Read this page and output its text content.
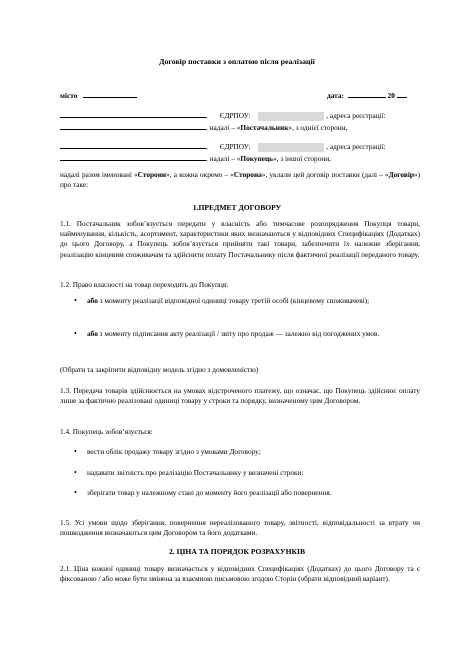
Договір поставки з оплатою після реалізації
місто	дата:	20
, ЄДРПОУ:	, адреса реєстрації:
, надалі – «Постачальник», з однієї сторони,
, ЄДРПОУ:	, адреса реєстрації:
, надалі – «Покупець», з іншої сторони,
надалі разом іменовані «Сторони», а кожна окремо – «Сторона», уклали цей договір поставки (далі – «Договір») про таке:
1.ПРЕДМЕТ ДОГОВОРУ
1.1. Постачальник зобов’язується передати у власність або тимчасове розпорядження Покупця товари, найменування, кількість, асортимент, характеристики яких визначаються у відповідних Специфікаціях (Додатках) до цього Договору, а Покупець зобов’язується прийняти такі товари, забезпечити їх належне зберігання, реалізацію кінцевим споживачам та здійснити оплату Постачальнику після фактичної реалізації переданого товару.
1.2. Право власності на товар переходить до Покупця:
• або з моменту реалізації відповідної одиниці товару третій особі (кінцевому споживачеві);
• або з моменту підписання акту реалізації / звіту про продаж — залежно від погоджених умов.
(Обрати та закріпити відповідну модель згідно з домовленістю)
1.3. Передача товарів здійснюється на умовах відстроченого платежу, що означає, що Покупець здійснює оплату лише за фактично реалізовані одиниці товару у строки та порядку, визначеному цим Договором.
1.4. Покупець зобов’язується:
• вести облік продажу товару згідно з умовами Договору;
• надавати звітність про реалізацію Постачальнику у визначені строки;
• зберігати товар у належному стані до моменту його реалізації або повернення.
1.5. Усі умови щодо зберігання, повернення нереалізованого товару, звітності, відповідальності за втрату чи пошкодження визначаються цим Договором та його додатками.
2. ЦІНА ТА ПОРЯДОК РОЗРАХУНКІВ
2.1. Ціна кожної одиниці товару визначається у відповідних Специфікаціях (Додатках) до цього Договору та є фіксованою / або може бути змінена за взаємною письмовою згодою Сторін (обрати відповідний варіант).
